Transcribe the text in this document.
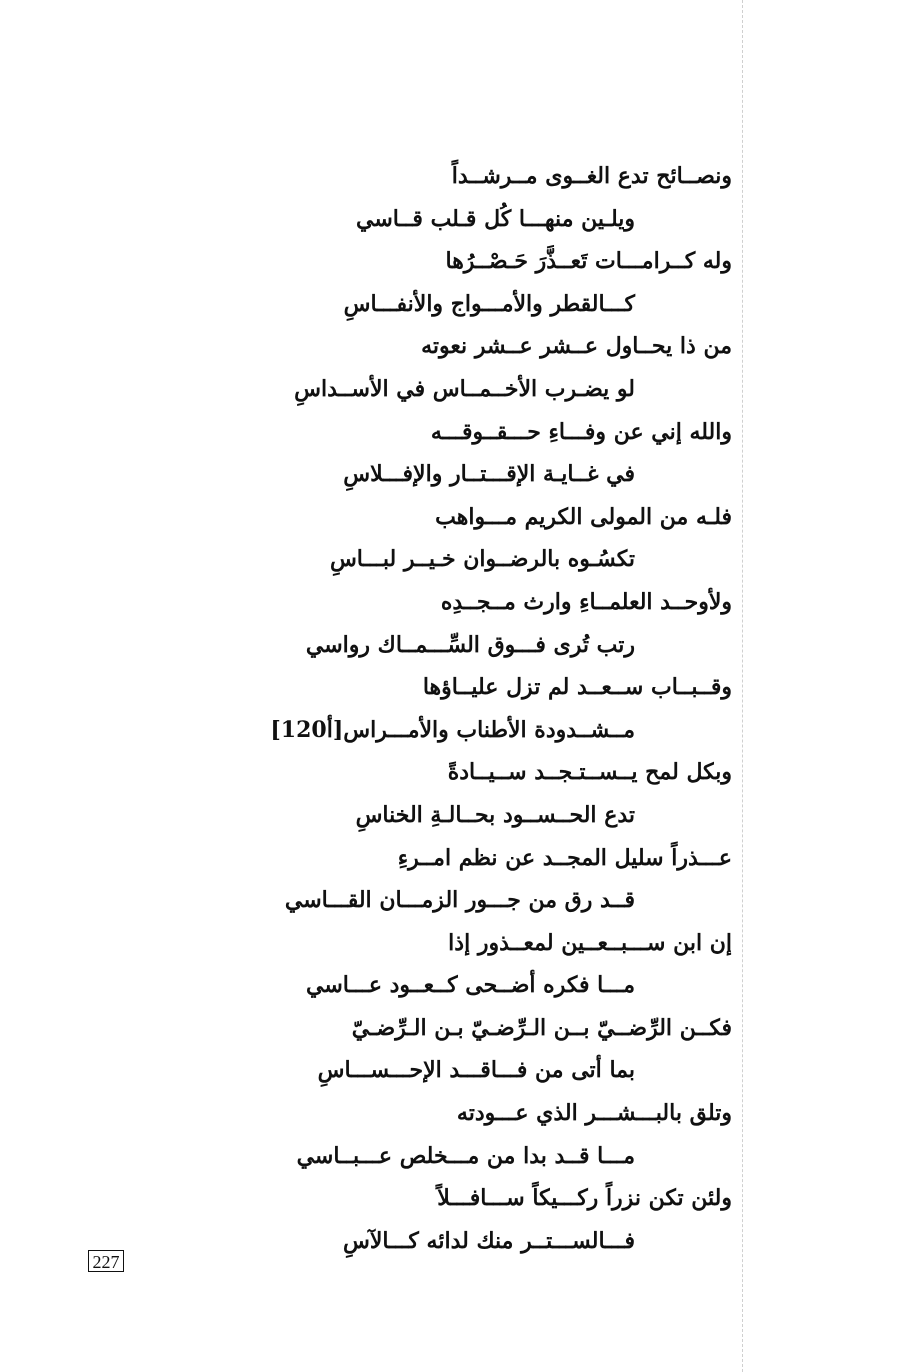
ونصــائح تدع الغــوى مــرشــداً
ويلـين منهـــا كُل قـلب قــاسي
وله كــرامـــات تَعــذَّرَ حَـصْــرُها
كـــالقطر والأمـــواج والأنفـــاسِ
من ذا يحــاول عــشر عــشر نعوته
لو يضـرب الأخــمــاس في الأســداسِ
والله إني عن وفـــاءِ حـــقــوقـــه
في غــايـة الإقـــتــار والإفـــلاسِ
فلـه من المولى الكريم مـــواهب
تكسُـوه بالرضــوان خـيــر لبـــاسِ
ولأوحــد العلمــاءِ وارث مــجــدِه
رتب تُرى فـــوق السِّـــمــاك رواسي
وقــبــاب ســعــد لم تزل عليــاؤها
مــشــدودة الأطناب والأمـــراس[120أ]
وبكل لمح يــســتـجــد ســيــادةً
تدع الحــســود بحــالـةِ الخناسِ
عـــذراً سليل المجــد عن نظم امــرءِ
قــد رق من جـــور الزمـــان القـــاسي
إن ابن ســـبــعــين لمعــذور إذا
مـــا فكره أضــحى كــعــود عـــاسي
فكــن الرِّضــيّ بــن الـرِّضـيّ بـن الـرِّضـيّ
بما أتى من فـــاقـــد الإحـــســـاسِ
وتلق بالبـــشـــر الذي عـــودته
مـــا قــد بدا من مـــخلص عـــبــاسي
ولئن تكن نزراً ركـــيكاً ســـافـــلاً
فـــالســـتــر منك لدائه كـــالآسِ
227
